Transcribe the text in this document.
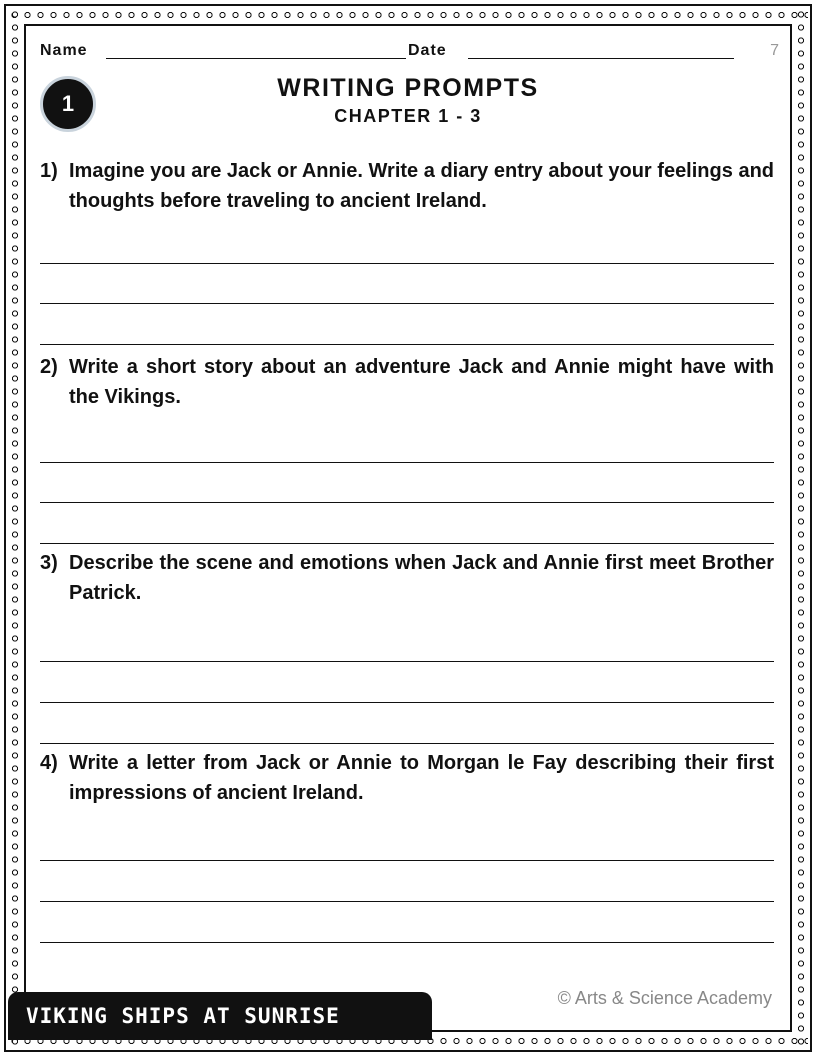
Name	Date	7
1
WRITING PROMPTS
CHAPTER 1 - 3
1) Imagine you are Jack or Annie. Write a diary entry about your feelings and thoughts before traveling to ancient Ireland.
2) Write a short story about an adventure Jack and Annie might have with the Vikings.
3) Describe the scene and emotions when Jack and Annie first meet Brother Patrick.
4) Write a letter from Jack or Annie to Morgan le Fay describing their first impressions of ancient Ireland.
VIKING SHIPS AT SUNRISE
© Arts & Science Academy
